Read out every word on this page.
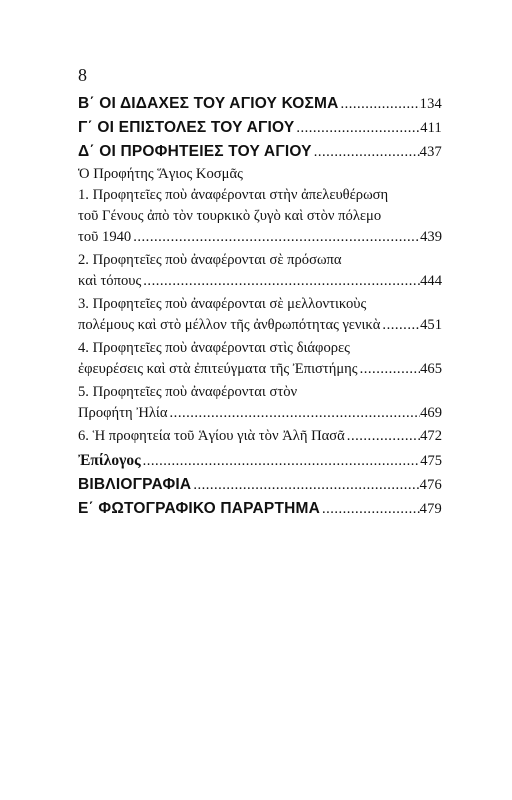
8
Β΄ ΟΙ ΔΙΔΑΧΕΣ ΤΟΥ ΑΓΙΟΥ ΚΟΣΜΑ .....	134
Γ΄ ΟΙ ΕΠΙΣΤΟΛΕΣ ΤΟΥ ΑΓΙΟΥ .....	411
Δ΄ ΟΙ ΠΡΟΦΗΤΕΙΕΣ ΤΟΥ ΑΓΙΟΥ .....	437
Ὁ Προφήτης Ἅγιος Κοσμᾶς
1. Προφητεῖες ποὺ ἀναφέρονται στὴν ἀπελευθέρωση
τοῦ Γένους ἀπὸ τὸν τουρκικὸ ζυγὸ καὶ στὸν πόλεμο
τοῦ 1940 .....	439
2. Προφητεῖες ποὺ ἀναφέρονται σὲ πρόσωπα
καὶ τόπους .....	444
3. Προφητεῖες ποὺ ἀναφέρονται σὲ μελλοντικοὺς
πολέμους καὶ στὸ μέλλον τῆς ἀνθρωπότητας γενικὰ .....	451
4. Προφητεῖες ποὺ ἀναφέρονται στὶς διάφορες
ἐφευρέσεις καὶ στὰ ἐπιτεύγματα τῆς Ἐπιστήμης .....	465
5. Προφητεῖες ποὺ ἀναφέρονται στὸν
Προφήτη Ἠλία .....	469
6. Ἡ προφητεία τοῦ Ἁγίου γιὰ τὸν Ἀλῆ Πασᾶ .....	472
Ἐπίλογος .....	475
ΒΙΒΛΙΟΓΡΑΦΙΑ .....	476
Ε΄ ΦΩΤΟΓΡΑΦΙΚΟ ΠΑΡΑΡΤΗΜΑ .....	479
